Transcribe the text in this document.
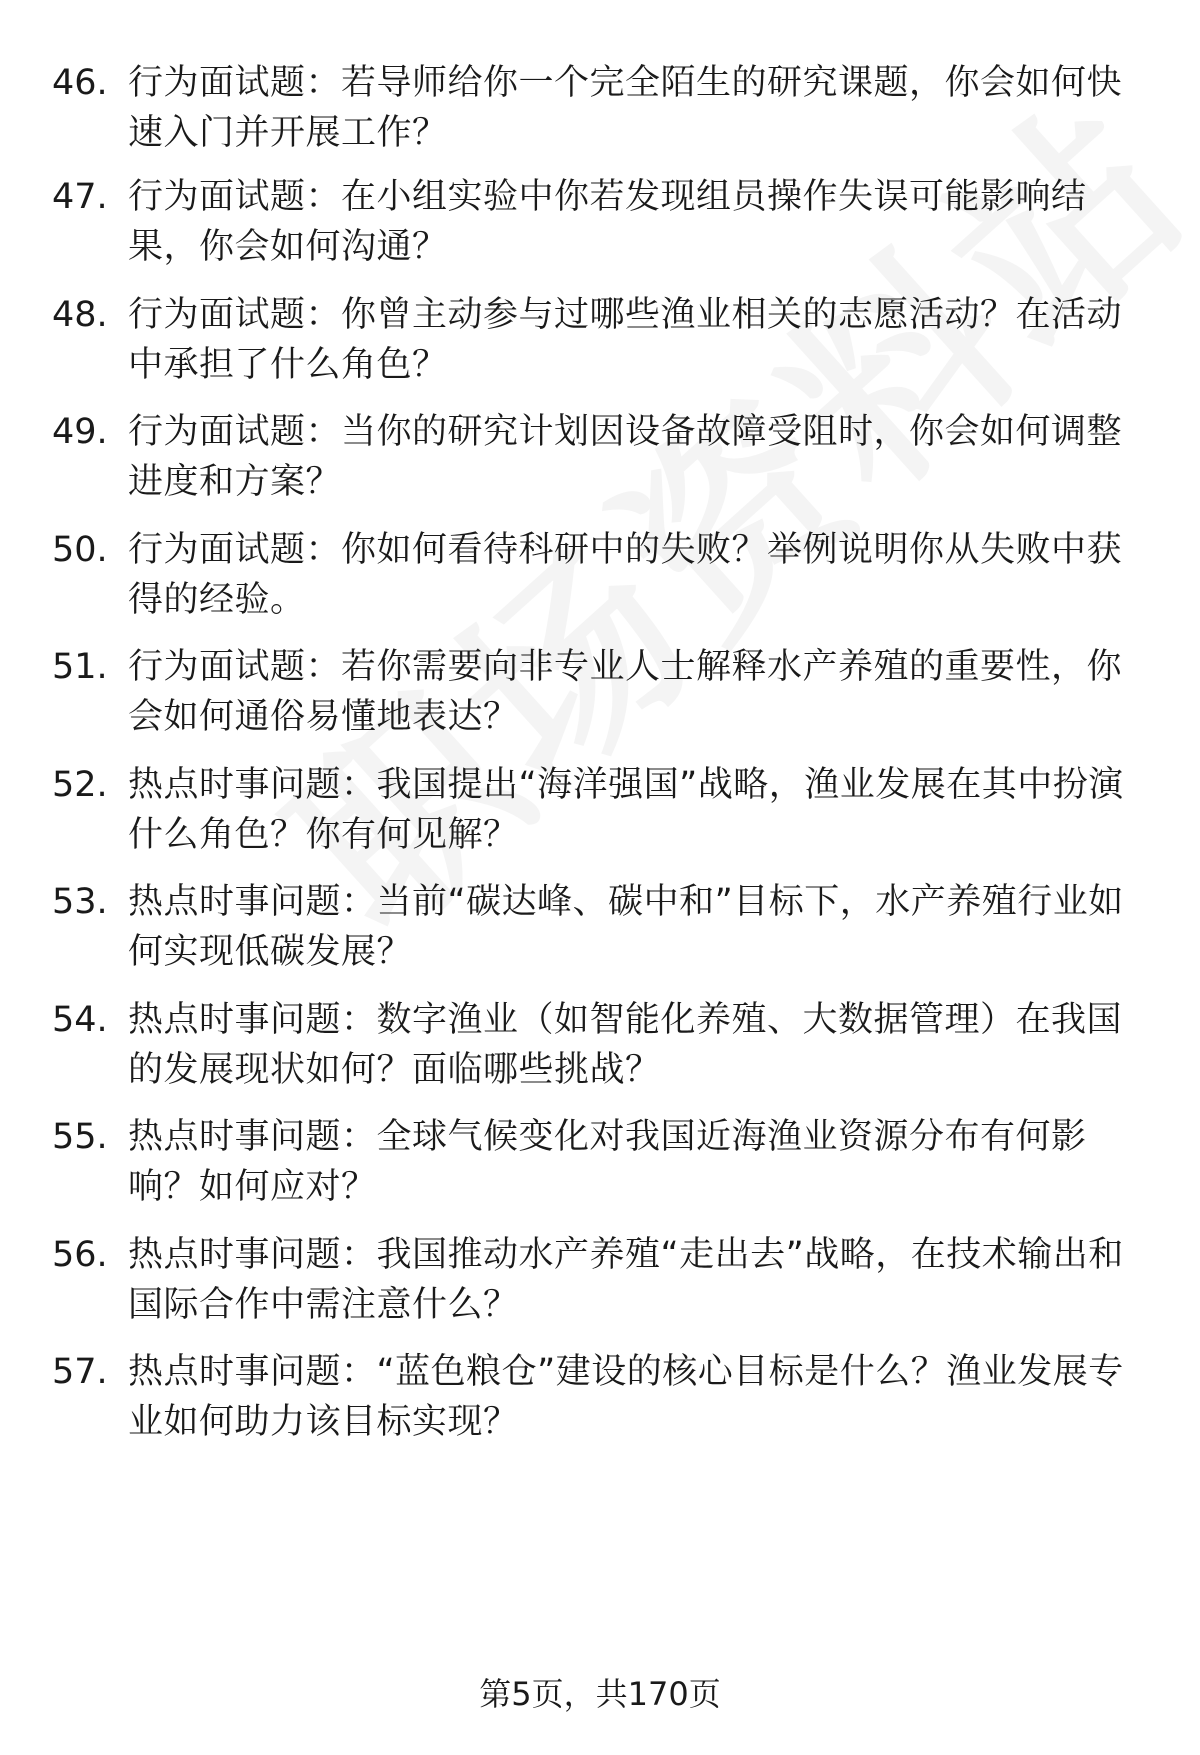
46. 行为面试题：若导师给你一个完全陌生的研究课题，你会如何快速入门并开展工作？
47. 行为面试题：在小组实验中你若发现组员操作失误可能影响结果，你会如何沟通？
48. 行为面试题：你曾主动参与过哪些渔业相关的志愿活动？在活动中承担了什么角色？
49. 行为面试题：当你的研究计划因设备故障受阻时，你会如何调整进度和方案？
50. 行为面试题：你如何看待科研中的失败？举例说明你从失败中获得的经验。
51. 行为面试题：若你需要向非专业人士解释水产养殖的重要性，你会如何通俗易懂地表达？
52. 热点时事问题：我国提出“海洋强国”战略，渔业发展在其中扮演什么角色？你有何见解？
53. 热点时事问题：当前“碳达峰、碳中和”目标下，水产养殖行业如何实现低碳发展？
54. 热点时事问题：数字渔业（如智能化养殖、大数据管理）在我国的发展现状如何？面临哪些挑战？
55. 热点时事问题：全球气候变化对我国近海渔业资源分布有何影响？如何应对？
56. 热点时事问题：我国推动水产养殖“走出去”战略，在技术输出和国际合作中需注意什么？
57. 热点时事问题：“蓝色粮仓”建设的核心目标是什么？渔业发展专业如何助力该目标实现？
第5页，共170页
